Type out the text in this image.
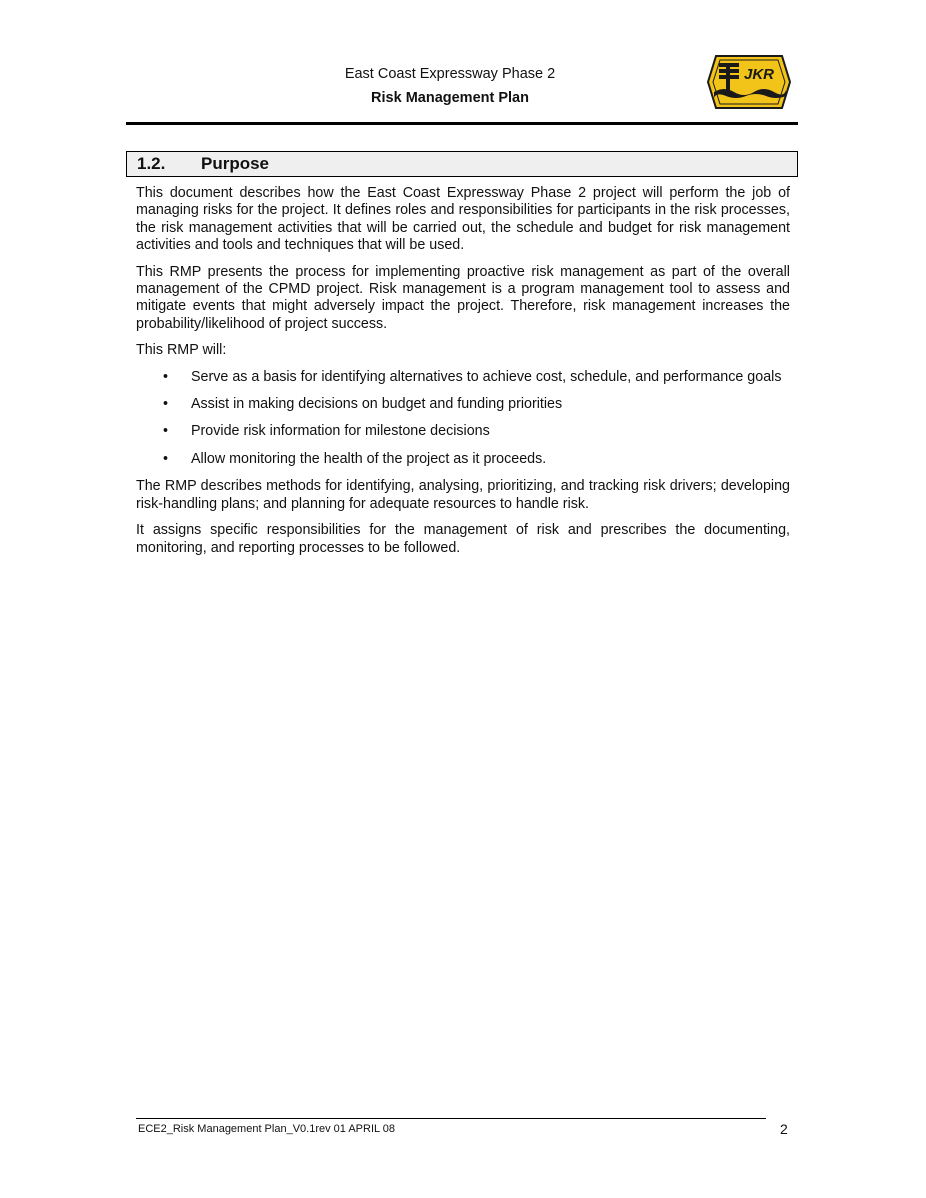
East Coast Expressway Phase 2
Risk Management Plan
JKR
1.2. Purpose

This document describes how the East Coast Expressway Phase 2 project will perform the job of managing risks for the project. It defines roles and responsibilities for participants in the risk processes, the risk management activities that will be carried out, the schedule and budget for risk management activities and tools and techniques that will be used.

This RMP presents the process for implementing proactive risk management as part of the overall management of the CPMD project. Risk management is a program management tool to assess and mitigate events that might adversely impact the project. Therefore, risk management increases the probability/likelihood of project success.

This RMP will:

• Serve as a basis for identifying alternatives to achieve cost, schedule, and performance goals
• Assist in making decisions on budget and funding priorities
• Provide risk information for milestone decisions
• Allow monitoring the health of the project as it proceeds.

The RMP describes methods for identifying, analysing, prioritizing, and tracking risk drivers; developing risk-handling plans; and planning for adequate resources to handle risk.

It assigns specific responsibilities for the management of risk and prescribes the documenting, monitoring, and reporting processes to be followed.

ECE2_Risk Management Plan_V0.1rev 01 APRIL 08	2
